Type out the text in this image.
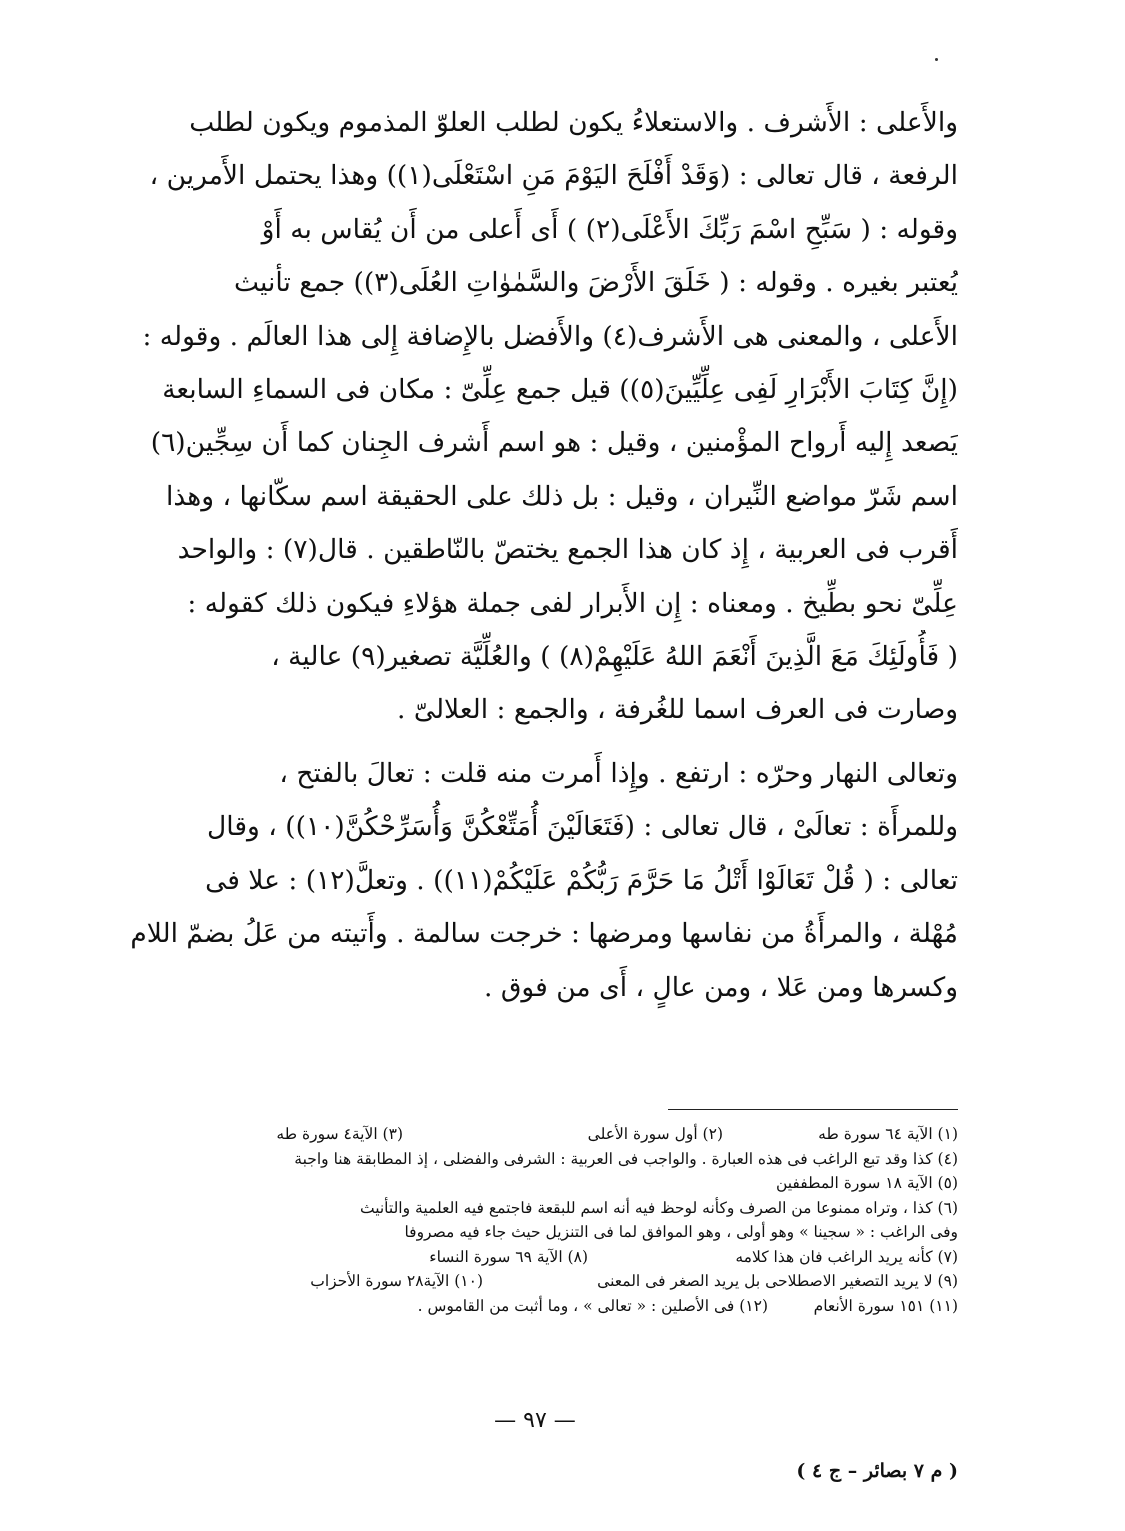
والأَعلى : الأَشرف . والاستعلاءُ يكون لطلب العلوّ المذموم ويكون لطلب
الرفعة ، قال تعالى : (وَقَدْ أَفْلَحَ اليَوْمَ مَنِ اسْتَعْلَى(١)) وهذا يحتمل الأَمرين ،
وقوله : ( سَبِّحِ اسْمَ رَبِّكَ الأَعْلَى(٢) ) أَى أَعلى من أَن يُقاس به أَوْ
يُعتبر بغيره . وقوله : ( خَلَقَ الأَرْضَ والسَّمٰوٰاتِ العُلَى(٣)) جمع تأنيث
الأَعلى ، والمعنى هى الأَشرف(٤) والأَفضل بالإِضافة إِلى هذا العالَم . وقوله :
(إِنَّ كِتَابَ الأَبْرَارِ لَفِى عِلِّيِّينَ(٥)) قيل جمع عِلِّىّ : مكان فى السماءِ السابعة
يَصعد إِليه أَرواح المؤْمنين ، وقيل : هو اسم أَشرف الجِنان كما أَن سِجِّين(٦)
اسم شَرّ مواضع النِّيران ، وقيل : بل ذلك على الحقيقة اسم سكّانها ، وهذا
أَقرب فى العربية ، إِذ كان هذا الجمع يختصّ بالنّاطقين . قال(٧) : والواحد
عِلِّىّ نحو بطِّيخ . ومعناه : إِن الأَبرار لفى جملة هؤلاءِ فيكون ذلك كقوله :
( فَأُولَئِكَ مَعَ الَّذِينَ أَنْعَمَ اللهُ عَلَيْهِمْ(٨) ) والعُلِّيَّة تصغير(٩) عالية ،
وصارت فى العرف اسما للغُرفة ، والجمع : العلالىّ .

وتعالى النهار وحرّه : ارتفع . وإِذا أَمرت منه قلت : تعالَ بالفتح ،
وللمرأَة : تعالَىْ ، قال تعالى : (فَتَعَالَيْنَ أُمَتِّعْكُنَّ وَأُسَرِّحْكُنَّ(١٠)) ، وقال
تعالى : ( قُلْ تَعَالَوْا أَتْلُ مَا حَرَّمَ رَبُّكُمْ عَلَيْكُمْ(١١)) . وتعلَّ(١٢) : علا فى
مُهْلة ، والمرأَةُ من نفاسها ومرضها : خرجت سالمة . وأَتيته من عَلُ بضمّ اللام
وكسرها ومن عَلا ، ومن عالٍ ، أَى من فوق .

(١) الآية ٦٤ سورة طه
(٢) أول سورة الأعلى
(٣) الآية٤ سورة طه
(٤) كذا وقد تبع الراغب فى هذه العبارة . والواجب فى العربية : الشرفى والفضلى ، إذ المطابقة هنا واجبة
(٥) الآية ١٨ سورة المطففين
(٦) كذا ، وتراه ممنوعا من الصرف وكأنه لوحظ فيه أنه اسم للبقعة فاجتمع فيه العلمية والتأنيث
وفى الراغب : « سجينا » وهو أولى ، وهو الموافق لما فى التنزيل حيث جاء فيه مصروفا
(٧) كأنه يريد الراغب فان هذا كلامه
(٨) الآية ٦٩ سورة النساء
(٩) لا يريد التصغير الاصطلاحى بل يريد الصغر فى المعنى
(١٠) الآية٢٨ سورة الأحزاب
(١١) ١٥١ سورة الأنعام
(١٢) فى الأصلين : « تعالى » ، وما أثبت من القاموس .
— ٩٧ —
( م ٧ بصائر – ج ٤ )
